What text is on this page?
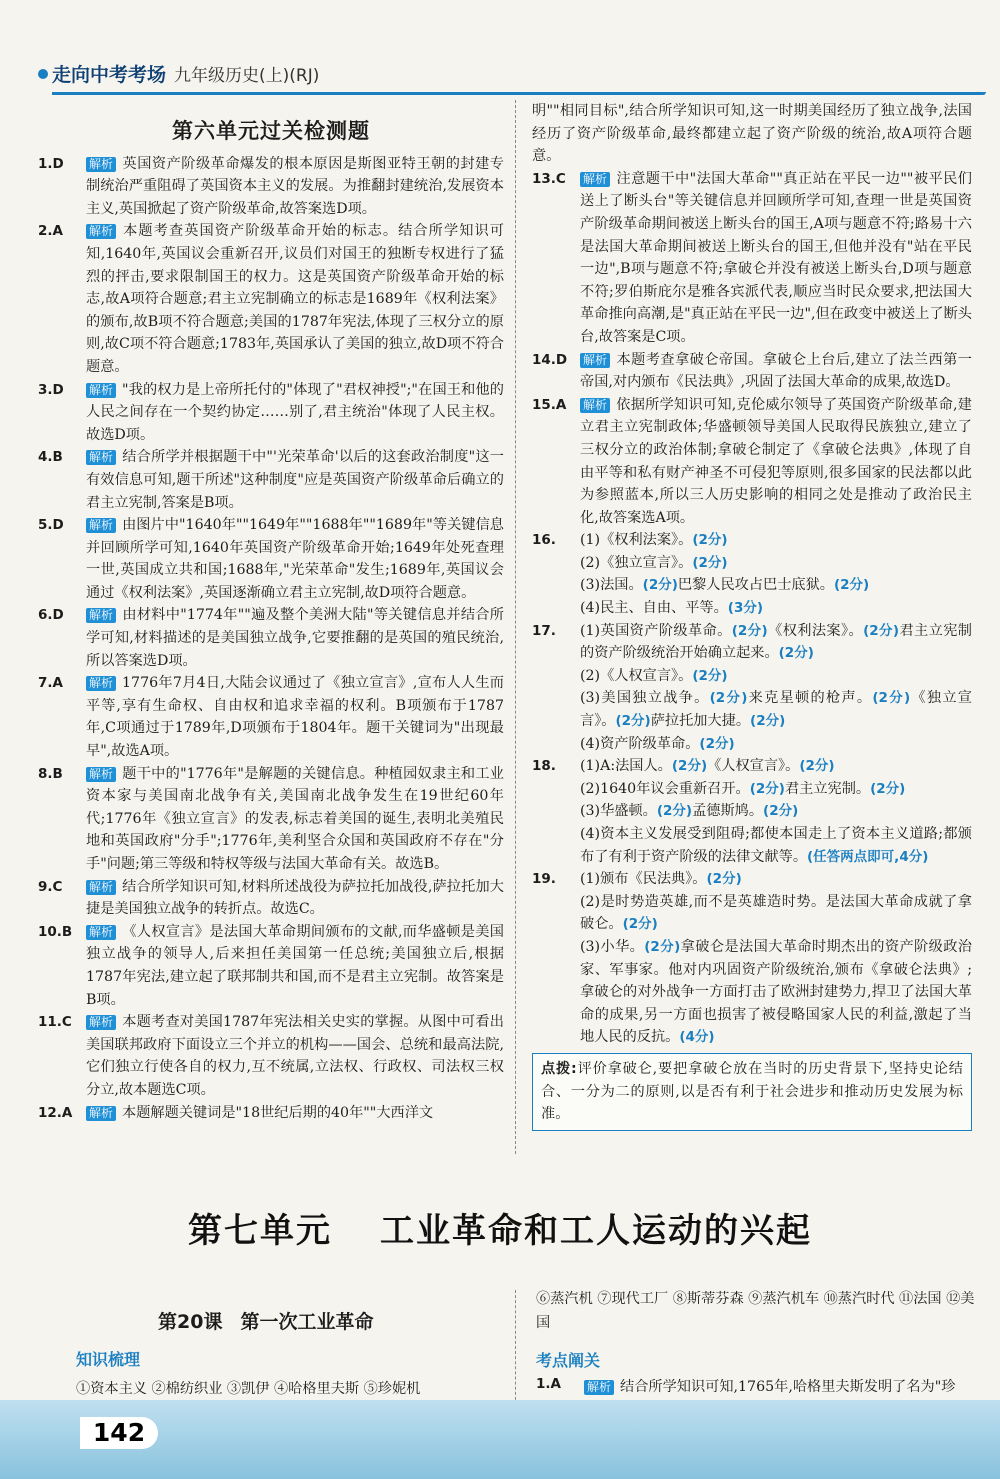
走向中考考场 九年级历史(上)(RJ)
第六单元过关检测题
1.D	解析 英国资产阶级革命爆发的根本原因是斯图亚特王朝的封建专制统治严重阻碍了英国资本主义的发展。为推翻封建统治,发展资本主义,英国掀起了资产阶级革命,故答案选D项。
2.A	解析 本题考查英国资产阶级革命开始的标志。结合所学知识可知,1640年,英国议会重新召开,议员们对国王的独断专权进行了猛烈的抨击,要求限制国王的权力。这是英国资产阶级革命开始的标志,故A项符合题意;君主立宪制确立的标志是1689年《权利法案》的颁布,故B项不符合题意;美国的1787年宪法,体现了三权分立的原则,故C项不符合题意;1783年,英国承认了美国的独立,故D项不符合题意。
3.D	解析 "我的权力是上帝所托付的"体现了"君权神授";"在国王和他的人民之间存在一个契约协定……别了,君主统治"体现了人民主权。故选D项。
4.B	解析 结合所学并根据题干中"'光荣革命'以后的这套政治制度"这一有效信息可知,题干所述"这种制度"应是英国资产阶级革命后确立的君主立宪制,答案是B项。
5.D	解析 由图片中"1640年""1649年""1688年""1689年"等关键信息并回顾所学可知,1640年英国资产阶级革命开始;1649年处死查理一世,英国成立共和国;1688年,"光荣革命"发生;1689年,英国议会通过《权利法案》,英国逐渐确立君主立宪制,故D项符合题意。
6.D	解析 由材料中"1774年""遍及整个美洲大陆"等关键信息并结合所学可知,材料描述的是美国独立战争,它要推翻的是英国的殖民统治,所以答案选D项。
7.A	解析 1776年7月4日,大陆会议通过了《独立宣言》,宣布人人生而平等,享有生命权、自由权和追求幸福的权利。B项颁布于1787年,C项通过于1789年,D项颁布于1804年。题干关键词为"出现最早",故选A项。
8.B	解析 题干中的"1776年"是解题的关键信息。种植园奴隶主和工业资本家与美国南北战争有关,美国南北战争发生在19世纪60年代;1776年《独立宣言》的发表,标志着美国的诞生,表明北美殖民地和英国政府"分手";1776年,美利坚合众国和英国政府不存在"分手"问题;第三等级和特权等级与法国大革命有关。故选B。
9.C	解析 结合所学知识可知,材料所述战役为萨拉托加战役,萨拉托加大捷是美国独立战争的转折点。故选C。
10.B	解析 《人权宣言》是法国大革命期间颁布的文献,而华盛顿是美国独立战争的领导人,后来担任美国第一任总统;美国独立后,根据1787年宪法,建立起了联邦制共和国,而不是君主立宪制。故答案是B项。
11.C	解析 本题考查对美国1787年宪法相关史实的掌握。从图中可看出美国联邦政府下面设立三个并立的机构——国会、总统和最高法院,它们独立行使各自的权力,互不统属,立法权、行政权、司法权三权分立,故本题选C项。
12.A	解析 本题解题关键词是"18世纪后期的40年""大西洋文
明""相同目标",结合所学知识可知,这一时期美国经历了独立战争,法国经历了资产阶级革命,最终都建立起了资产阶级的统治,故A项符合题意。
13.C	解析 注意题干中"法国大革命""真正站在平民一边""被平民们送上了断头台"等关键信息并回顾所学可知,查理一世是英国资产阶级革命期间被送上断头台的国王,A项与题意不符;路易十六是法国大革命期间被送上断头台的国王,但他并没有"站在平民一边",B项与题意不符;拿破仑并没有被送上断头台,D项与题意不符;罗伯斯庇尔是雅各宾派代表,顺应当时民众要求,把法国大革命推向高潮,是"真正站在平民一边",但在政变中被送上了断头台,故答案是C项。
14.D	解析 本题考查拿破仑帝国。拿破仑上台后,建立了法兰西第一帝国,对内颁布《民法典》,巩固了法国大革命的成果,故选D。
15.A	解析 依据所学知识可知,克伦威尔领导了英国资产阶级革命,建立君主立宪制政体;华盛顿领导美国人民取得民族独立,建立了三权分立的政治体制;拿破仑制定了《拿破仑法典》,体现了自由平等和私有财产神圣不可侵犯等原则,很多国家的民法都以此为参照蓝本,所以三人历史影响的相同之处是推动了政治民主化,故答案选A项。
16.	(1)《权利法案》。(2分)
(2)《独立宣言》。(2分)
(3)法国。(2分)巴黎人民攻占巴士底狱。(2分)
(4)民主、自由、平等。(3分)
17.	(1)英国资产阶级革命。(2分)《权利法案》。(2分)君主立宪制的资产阶级统治开始确立起来。(2分)
(2)《人权宣言》。(2分)
(3)美国独立战争。(2分)来克星顿的枪声。(2分)《独立宣言》。(2分)萨拉托加大捷。(2分)
(4)资产阶级革命。(2分)
18.	(1)A:法国人。(2分)《人权宣言》。(2分)
(2)1640年议会重新召开。(2分)君主立宪制。(2分)
(3)华盛顿。(2分)孟德斯鸠。(2分)
(4)资本主义发展受到阻碍;都使本国走上了资本主义道路;都颁布了有利于资产阶级的法律文献等。(任答两点即可,4分)
19.	(1)颁布《民法典》。(2分)
(2)是时势造英雄,而不是英雄造时势。是法国大革命成就了拿破仑。(2分)
(3)小华。(2分)拿破仑是法国大革命时期杰出的资产阶级政治家、军事家。他对内巩固资产阶级统治,颁布《拿破仑法典》;拿破仑的对外战争一方面打击了欧洲封建势力,捍卫了法国大革命的成果,另一方面也损害了被侵略国家人民的利益,激起了当地人民的反抗。(4分)
点拨:评价拿破仑,要把拿破仑放在当时的历史背景下,坚持史论结合、一分为二的原则,以是否有利于社会进步和推动历史发展为标准。
第七单元 工业革命和工人运动的兴起
⑥蒸汽机 ⑦现代工厂 ⑧斯蒂芬森 ⑨蒸汽机车 ⑩蒸汽时代 ⑪法国 ⑫美国
第20课 第一次工业革命
知识梳理	考点阐关
①资本主义 ②棉纺织业 ③凯伊 ④哈格里夫斯 ⑤珍妮机	1.A	解析 结合所学知识可知,1765年,哈格里夫斯发明了名为"珍
142
